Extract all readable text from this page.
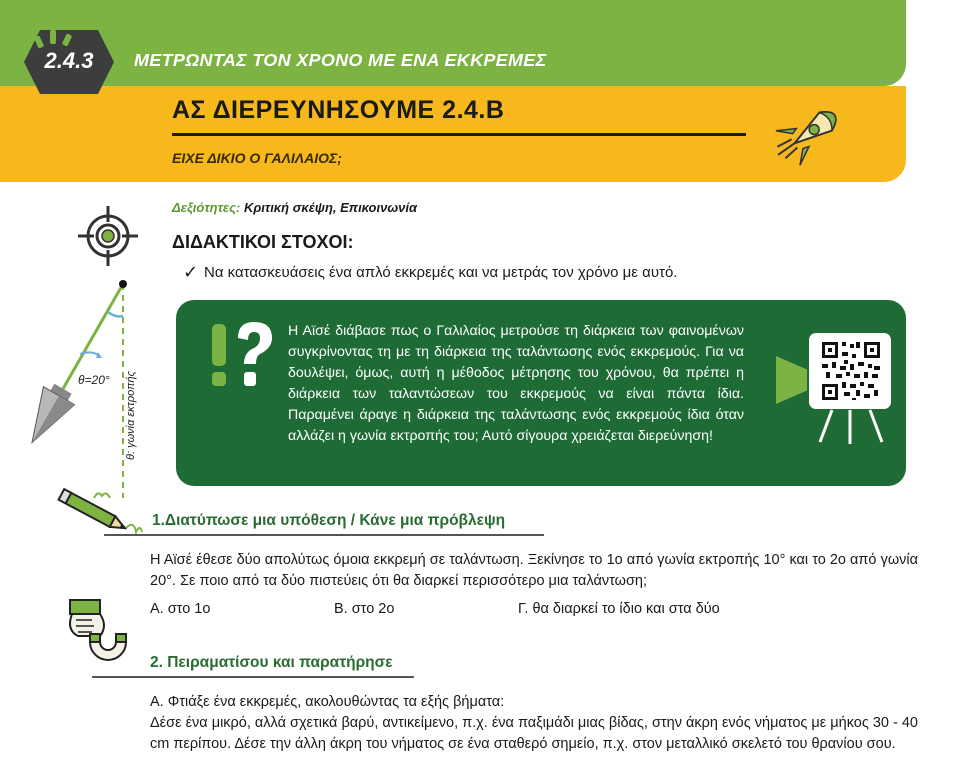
2.4.3	ΜΕΤΡΩΝΤΑΣ ΤΟΝ ΧΡΟΝΟ ΜΕ ΕΝΑ ΕΚΚΡΕΜΕΣ
ΑΣ ΔΙΕΡΕΥΝΗΣΟΥΜΕ 2.4.Β
ΕΙΧΕ ΔΙΚΙΟ Ο ΓΑΛΙΛΑΙΟΣ;
Δεξιότητες: Κριτική σκέψη, Επικοινωνία
ΔΙΔΑΚΤΙΚΟΙ ΣΤΟΧΟΙ:
✓ Να κατασκευάσεις ένα απλό εκκρεμές και να μετράς τον χρόνο με αυτό.
θ: γωνία εκτροπής
θ=20°
Η Αϊσέ διάβασε πως ο Γαλιλαίος μετρούσε τη διάρκεια των φαινομένων συγκρίνοντας τη με τη διάρκεια της ταλάντωσης ενός εκκρεμούς. Για να δουλέψει, όμως, αυτή η μέθοδος μέτρησης του χρόνου, θα πρέπει η διάρκεια των ταλαντώσεων του εκκρεμούς να είναι πάντα ίδια. Παραμένει άραγε η διάρκεια της ταλάντωσης ενός εκκρεμούς ίδια όταν αλλάζει η γωνία εκτροπής του; Αυτό σίγουρα χρειάζεται διερεύνηση!
1.Διατύπωσε μια υπόθεση / Κάνε μια πρόβλεψη
Η Αϊσέ έθεσε δύο απολύτως όμοια εκκρεμή σε ταλάντωση. Ξεκίνησε το 1ο από γωνία εκτροπής 10° και το 2ο από γωνία 20°. Σε ποιο από τα δύο πιστεύεις ότι θα διαρκεί περισσότερο μια ταλάντωση;
Α. στο 1ο	Β. στο 2ο	Γ. θα διαρκεί το ίδιο και στα δύο
2. Πειραματίσου και παρατήρησε
Α. Φτιάξε ένα εκκρεμές, ακολουθώντας τα εξής βήματα:
Δέσε ένα μικρό, αλλά σχετικά βαρύ, αντικείμενο, π.χ. ένα παξιμάδι μιας βίδας, στην άκρη ενός νήματος με μήκος 30 - 40 cm περίπου. Δέσε την άλλη άκρη του νήματος σε ένα σταθερό σημείο, π.χ. στον μεταλλικό σκελετό του θρανίου σου.
